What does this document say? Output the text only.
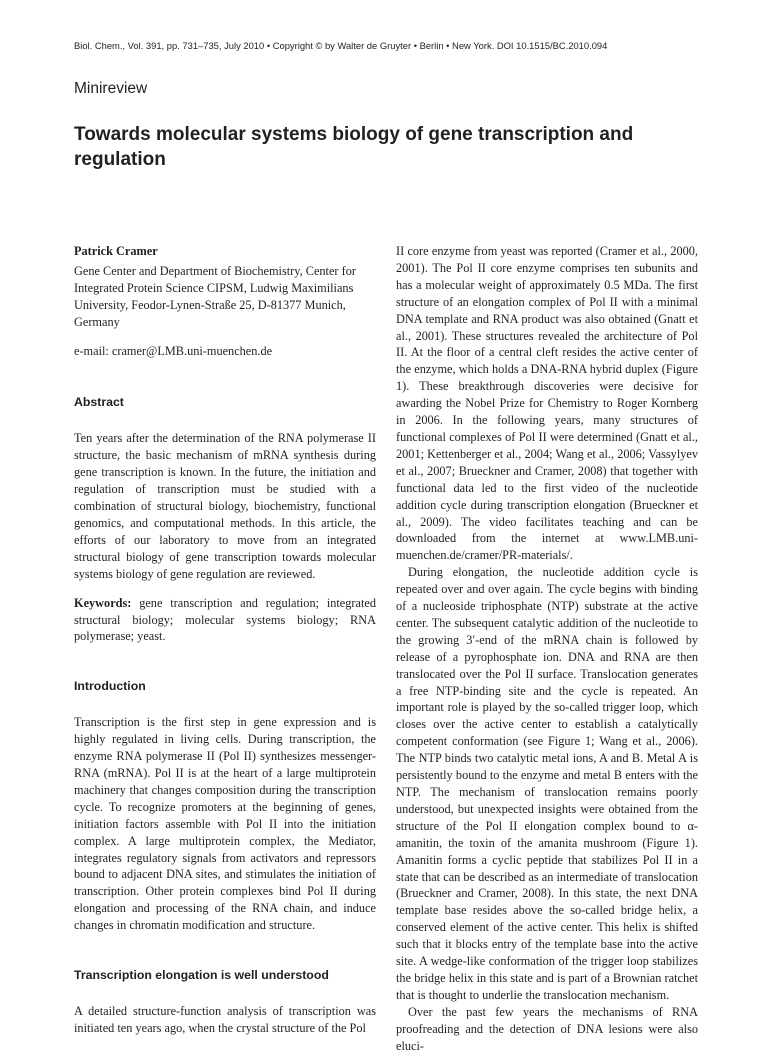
Biol. Chem., Vol. 391, pp. 731–735, July 2010 • Copyright © by Walter de Gruyter • Berlin • New York. DOI 10.1515/BC.2010.094
Minireview
Towards molecular systems biology of gene transcription and regulation

Patrick Cramer

Gene Center and Department of Biochemistry, Center for Integrated Protein Science CIPSM, Ludwig Maximilians University, Feodor-Lynen-Straße 25, D-81377 Munich, Germany

e-mail: cramer@LMB.uni-muenchen.de

Abstract

Ten years after the determination of the RNA polymerase II structure, the basic mechanism of mRNA synthesis during gene transcription is known. In the future, the initiation and regulation of transcription must be studied with a combination of structural biology, biochemistry, functional genomics, and computational methods. In this article, the efforts of our laboratory to move from an integrated structural biology of gene transcription towards molecular systems biology of gene regulation are reviewed.

Keywords: gene transcription and regulation; integrated structural biology; molecular systems biology; RNA polymerase; yeast.

Introduction

Transcription is the first step in gene expression and is highly regulated in living cells. During transcription, the enzyme RNA polymerase II (Pol II) synthesizes messenger-RNA (mRNA). Pol II is at the heart of a large multiprotein machinery that changes composition during the transcription cycle. To recognize promoters at the beginning of genes, initiation factors assemble with Pol II into the initiation complex. A large multiprotein complex, the Mediator, integrates regulatory signals from activators and repressors bound to adjacent DNA sites, and stimulates the initiation of transcription. Other protein complexes bind Pol II during elongation and processing of the RNA chain, and induce changes in chromatin modification and structure.

Transcription elongation is well understood

A detailed structure-function analysis of transcription was initiated ten years ago, when the crystal structure of the Pol

II core enzyme from yeast was reported (Cramer et al., 2000, 2001). The Pol II core enzyme comprises ten subunits and has a molecular weight of approximately 0.5 MDa. The first structure of an elongation complex of Pol II with a minimal DNA template and RNA product was also obtained (Gnatt et al., 2001). These structures revealed the architecture of Pol II. At the floor of a central cleft resides the active center of the enzyme, which holds a DNA-RNA hybrid duplex (Figure 1). These breakthrough discoveries were decisive for awarding the Nobel Prize for Chemistry to Roger Kornberg in 2006. In the following years, many structures of functional complexes of Pol II were determined (Gnatt et al., 2001; Kettenberger et al., 2004; Wang et al., 2006; Vassylyev et al., 2007; Brueckner and Cramer, 2008) that together with functional data led to the first video of the nucleotide addition cycle during transcription elongation (Brueckner et al., 2009). The video facilitates teaching and can be downloaded from the internet at www.LMB.uni-muenchen.de/cramer/PR-materials/.

During elongation, the nucleotide addition cycle is repeated over and over again. The cycle begins with binding of a nucleoside triphosphate (NTP) substrate at the active center. The subsequent catalytic addition of the nucleotide to the growing 3′-end of the mRNA chain is followed by release of a pyrophosphate ion. DNA and RNA are then translocated over the Pol II surface. Translocation generates a free NTP-binding site and the cycle is repeated. An important role is played by the so-called trigger loop, which closes over the active center to establish a catalytically competent conformation (see Figure 1; Wang et al., 2006). The NTP binds two catalytic metal ions, A and B. Metal A is persistently bound to the enzyme and metal B enters with the NTP. The mechanism of translocation remains poorly understood, but unexpected insights were obtained from the structure of the Pol II elongation complex bound to α-amanitin, the toxin of the amanita mushroom (Figure 1). Amanitin forms a cyclic peptide that stabilizes Pol II in a state that can be described as an intermediate of translocation (Brueckner and Cramer, 2008). In this state, the next DNA template base resides above the so-called bridge helix, a conserved element of the active center. This helix is shifted such that it blocks entry of the template base into the active site. A wedge-like conformation of the trigger loop stabilizes the bridge helix in this state and is part of a Brownian ratchet that is thought to underlie the translocation mechanism.

Over the past few years the mechanisms of RNA proofreading and the detection of DNA lesions were also eluci-
